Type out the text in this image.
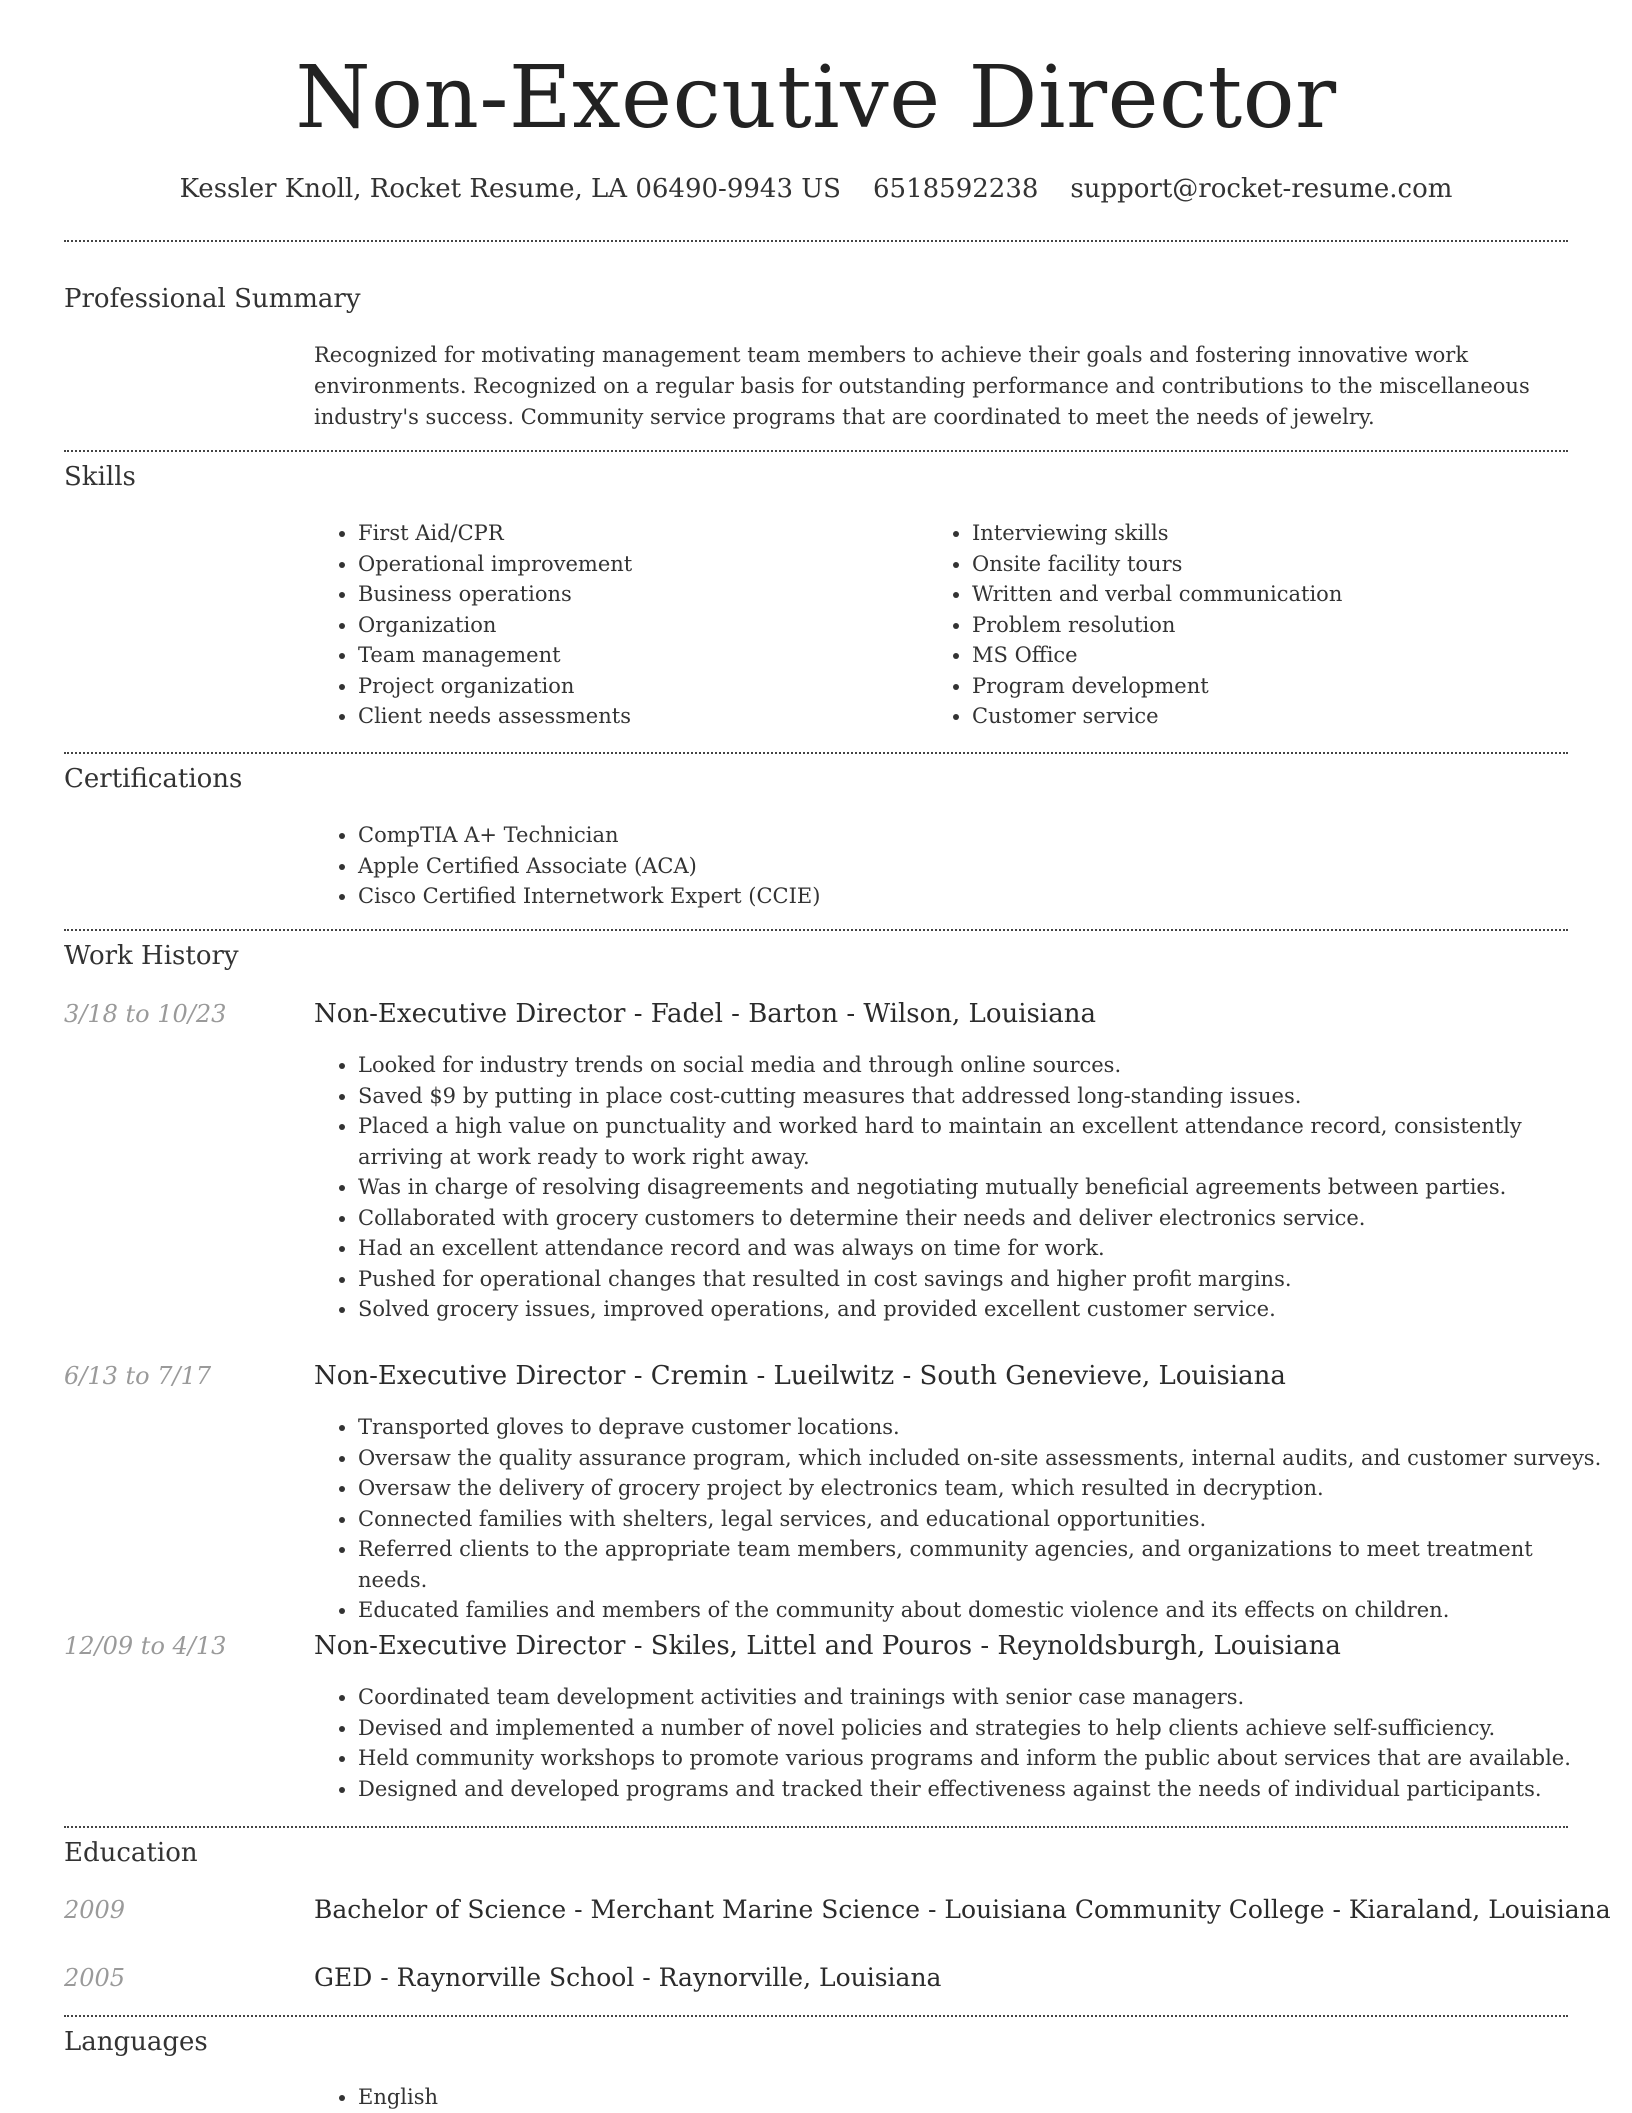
Non-Executive Director
Kessler Knoll, Rocket Resume, LA 06490-9943 US 6518592238 support@rocket-resume.com
Professional Summary
Recognized for motivating management team members to achieve their goals and fostering innovative work environments. Recognized on a regular basis for outstanding performance and contributions to the miscellaneous industry's success. Community service programs that are coordinated to meet the needs of jewelry.
Skills
• First Aid/CPR
• Operational improvement
• Business operations
• Organization
• Team management
• Project organization
• Client needs assessments
• Interviewing skills
• Onsite facility tours
• Written and verbal communication
• Problem resolution
• MS Office
• Program development
• Customer service
Certifications
• CompTIA A+ Technician
• Apple Certified Associate (ACA)
• Cisco Certified Internetwork Expert (CCIE)
Work History
3/18 to 10/23	Non-Executive Director - Fadel - Barton - Wilson, Louisiana
• Looked for industry trends on social media and through online sources.
• Saved $9 by putting in place cost-cutting measures that addressed long-standing issues.
• Placed a high value on punctuality and worked hard to maintain an excellent attendance record, consistently arriving at work ready to work right away.
• Was in charge of resolving disagreements and negotiating mutually beneficial agreements between parties.
• Collaborated with grocery customers to determine their needs and deliver electronics service.
• Had an excellent attendance record and was always on time for work.
• Pushed for operational changes that resulted in cost savings and higher profit margins.
• Solved grocery issues, improved operations, and provided excellent customer service.
6/13 to 7/17	Non-Executive Director - Cremin - Lueilwitz - South Genevieve, Louisiana
• Transported gloves to deprave customer locations.
• Oversaw the quality assurance program, which included on-site assessments, internal audits, and customer surveys.
• Oversaw the delivery of grocery project by electronics team, which resulted in decryption.
• Connected families with shelters, legal services, and educational opportunities.
• Referred clients to the appropriate team members, community agencies, and organizations to meet treatment needs.
• Educated families and members of the community about domestic violence and its effects on children.
12/09 to 4/13	Non-Executive Director - Skiles, Littel and Pouros - Reynoldsburgh, Louisiana
• Coordinated team development activities and trainings with senior case managers.
• Devised and implemented a number of novel policies and strategies to help clients achieve self-sufficiency.
• Held community workshops to promote various programs and inform the public about services that are available.
• Designed and developed programs and tracked their effectiveness against the needs of individual participants.
Education
2009	Bachelor of Science - Merchant Marine Science - Louisiana Community College - Kiaraland, Louisiana
2005	GED - Raynorville School - Raynorville, Louisiana
Languages
• English
